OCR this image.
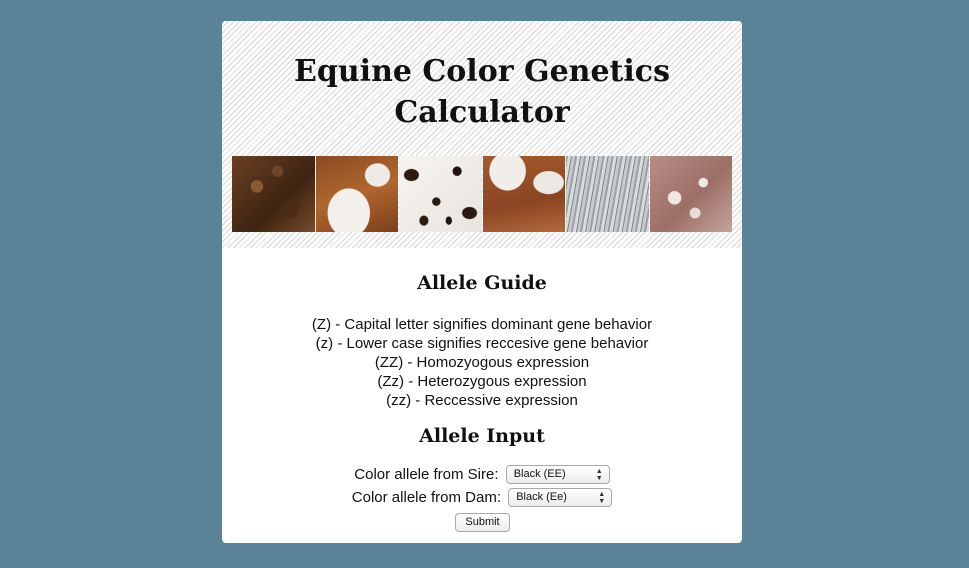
Equine Color Genetics
Calculator
Allele Guide
(Z) - Capital letter signifies dominant gene behavior
(z) - Lower case signifies reccesive gene behavior
(ZZ) - Homozyogous expression
(Zz) - Heterozygous expression
(zz) - Reccessive expression
Allele Input
Color allele from Sire: Black (EE)	▲
▼
Color allele from Dam: Black (Ee)	▲
▼
Submit
